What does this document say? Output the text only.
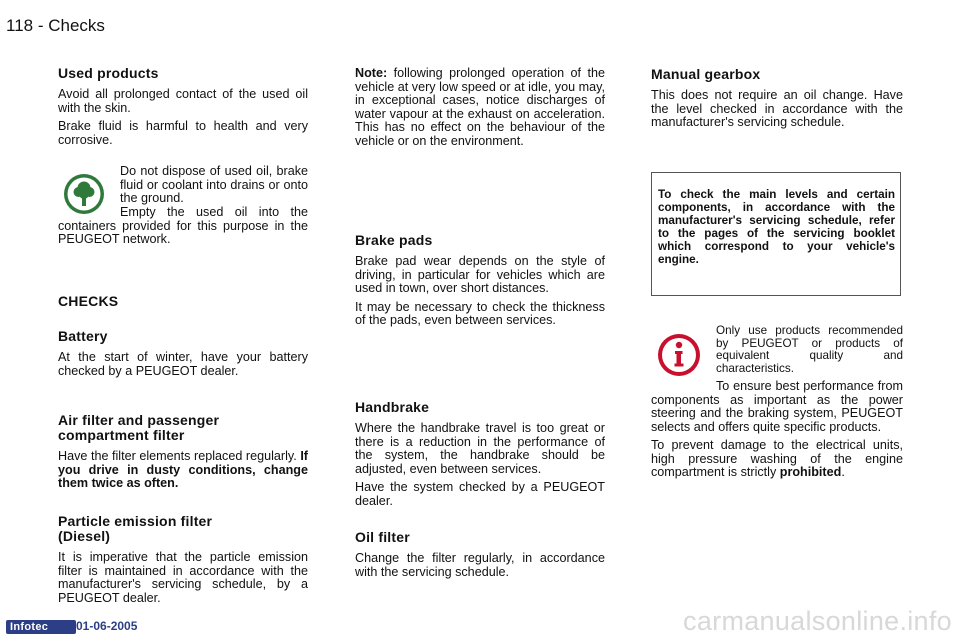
118 - Checks
Used products

Avoid all prolonged contact of the used oil with the skin.

Brake fluid is harmful to health and very corrosive.

Do not dispose of used oil, brake fluid or coolant into drains or onto the ground.

Empty the used oil into the containers provided for this purpose in the PEUGEOT network.

CHECKS
Battery

At the start of winter, have your battery checked by a PEUGEOT dealer.

Air filter and passenger compartment filter

Have the filter elements replaced regularly. If you drive in dusty conditions, change them twice as often.

Particle emission filter (Diesel)

It is imperative that the particle emission filter is maintained in accordance with the manufacturer's servicing schedule, by a PEUGEOT dealer.

Note: following prolonged operation of the vehicle at very low speed or at idle, you may, in exceptional cases, notice discharges of water vapour at the exhaust on acceleration. This has no effect on the behaviour of the vehicle or on the environment.

Brake pads

Brake pad wear depends on the style of driving, in particular for vehicles which are used in town, over short distances.

It may be necessary to check the thickness of the pads, even between services.

Handbrake

Where the handbrake travel is too great or there is a reduction in the performance of the system, the handbrake should be adjusted, even between services.

Have the system checked by a PEUGEOT dealer.

Oil filter

Change the filter regularly, in accordance with the servicing schedule.

Manual gearbox

This does not require an oil change. Have the level checked in accordance with the manufacturer's servicing schedule.

To check the main levels and certain components, in accordance with the manufacturer's servicing schedule, refer to the pages of the servicing booklet which correspond to your vehicle's engine.

Only use products recommended by PEUGEOT or products of equivalent quality and characteristics.

To ensure best performance from components as important as the power steering and the braking system, PEUGEOT selects and offers quite specific products.

To prevent damage to the electrical units, high pressure washing of the engine compartment is strictly prohibited.

Infotec	01-06-2005	carmanualsonline.info
